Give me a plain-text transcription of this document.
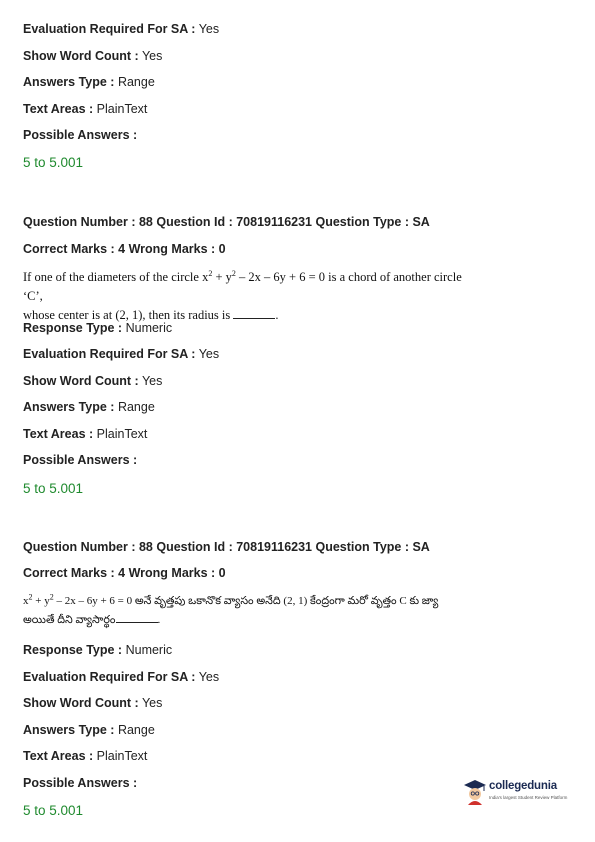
Evaluation Required For SA : Yes
Show Word Count : Yes
Answers Type : Range
Text Areas : PlainText
Possible Answers :
5 to 5.001
Question Number : 88 Question Id : 70819116231 Question Type : SA
Correct Marks : 4 Wrong Marks : 0
If one of the diameters of the circle $x^2 + y^2 - 2x - 6y + 6 = 0$ is a chord of another circle ‘C’,
whose center is at (2, 1), then its radius is	.
Response Type : Numeric
Evaluation Required For SA : Yes
Show Word Count : Yes
Answers Type : Range
Text Areas : PlainText
Possible Answers :
5 to 5.001
Question Number : 88 Question Id : 70819116231 Question Type : SA
Correct Marks : 4 Wrong Marks : 0
$x^2 + y^2 - 2x - 6y + 6 = 0$ అనే వృత్తపు ఒకానొక వ్యాసం అనేది (2, 1) కేంద్రంగా మరో వృత్తం C కు జ్యా
అయితే దీని వ్యాసార్థం	.
Response Type : Numeric
Evaluation Required For SA : Yes
Show Word Count : Yes
Answers Type : Range
Text Areas : PlainText
Possible Answers :
5 to 5.001
collegedunia
India's largest Student Review Platform
